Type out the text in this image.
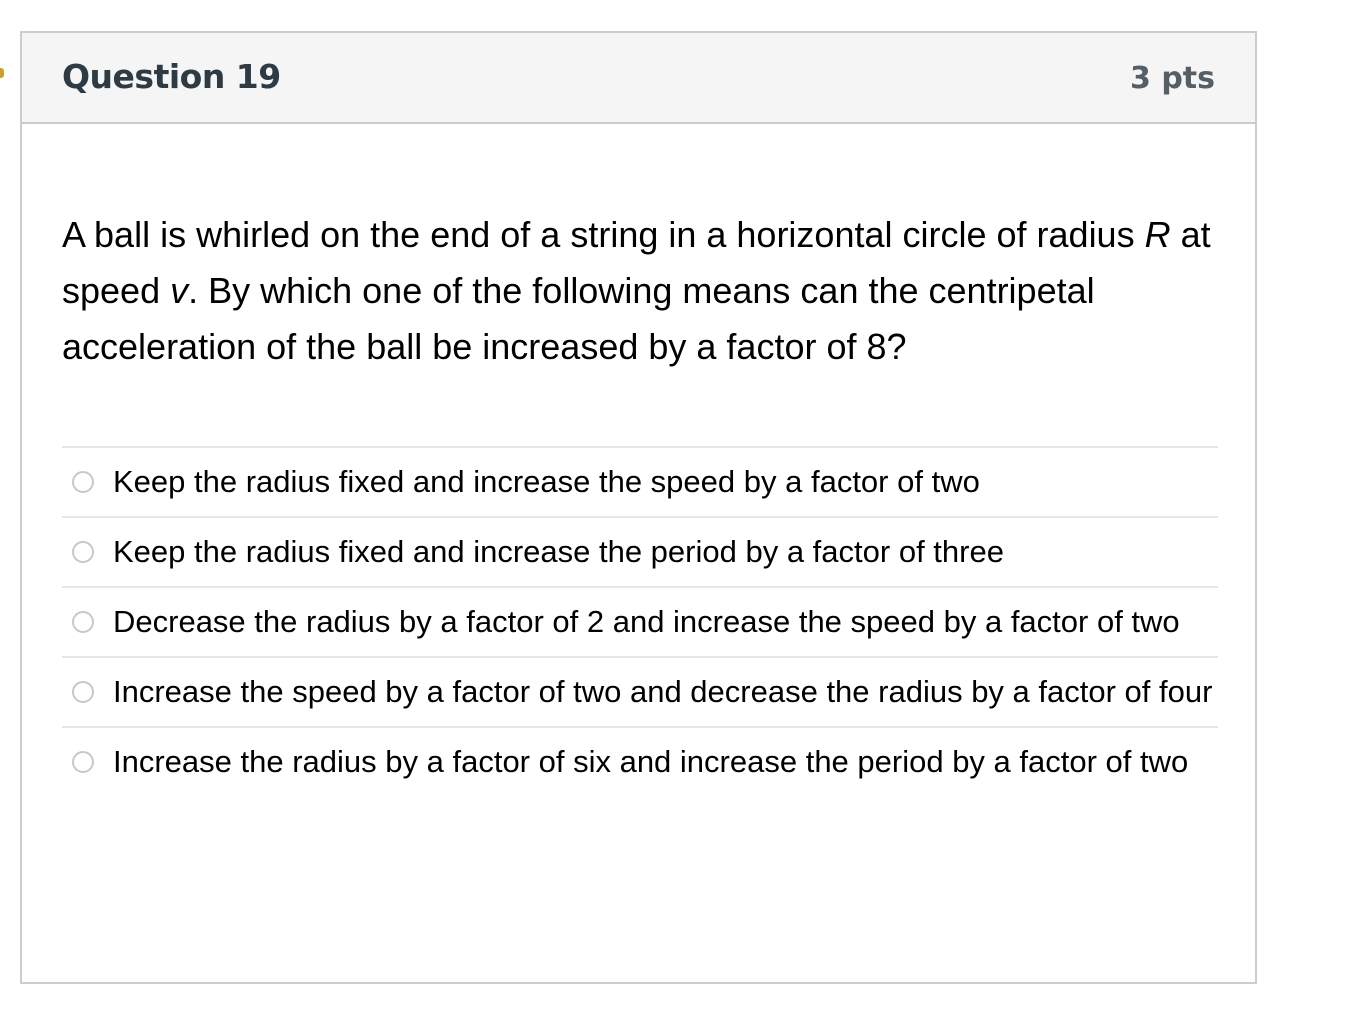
Question 19	3 pts
A ball is whirled on the end of a string in a horizontal circle of radius R at speed v. By which one of the following means can the centripetal acceleration of the ball be increased by a factor of 8?
Keep the radius fixed and increase the speed by a factor of two
Keep the radius fixed and increase the period by a factor of three
Decrease the radius by a factor of 2 and increase the speed by a factor of two
Increase the speed by a factor of two and decrease the radius by a factor of four
Increase the radius by a factor of six and increase the period by a factor of two
